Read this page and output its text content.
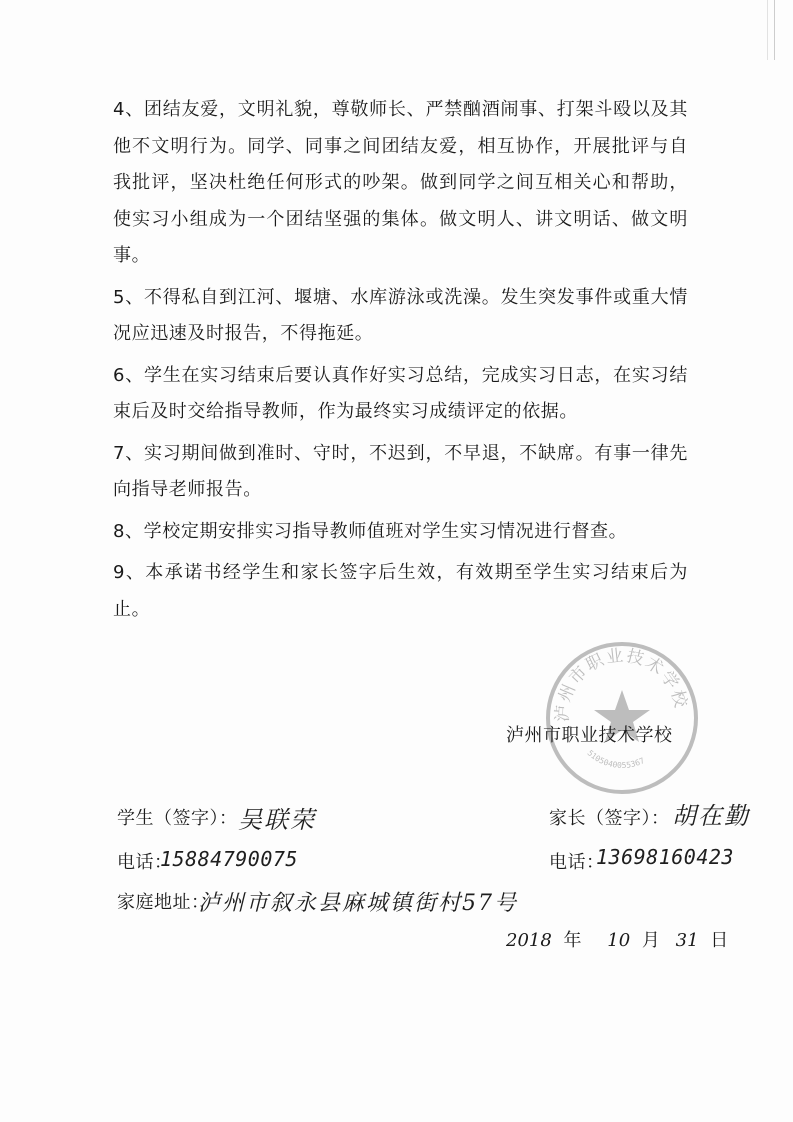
4、团结友爱，文明礼貌，尊敬师长、严禁酗酒闹事、打架斗殴以及其他不文明行为。同学、同事之间团结友爱，相互协作，开展批评与自我批评，坚决杜绝任何形式的吵架。做到同学之间互相关心和帮助，使实习小组成为一个团结坚强的集体。做文明人、讲文明话、做文明事。

5、不得私自到江河、堰塘、水库游泳或洗澡。发生突发事件或重大情况应迅速及时报告，不得拖延。

6、学生在实习结束后要认真作好实习总结，完成实习日志，在实习结束后及时交给指导教师，作为最终实习成绩评定的依据。

7、实习期间做到准时、守时，不迟到，不早退，不缺席。有事一律先向指导老师报告。

8、学校定期安排实习指导教师值班对学生实习情况进行督查。

9、本承诺书经学生和家长签字后生效，有效期至学生实习结束后为止。

泸州市职业技术学校
5105040055367
泸州市职业技术学校
学生（签字）： 吴联荣
电话：
15884790075
家庭地址：
泸州市叙永县麻城镇街村57号
家长（签字）： 胡在勤
电话：
13698160423
2018 年 10 月 31 日
